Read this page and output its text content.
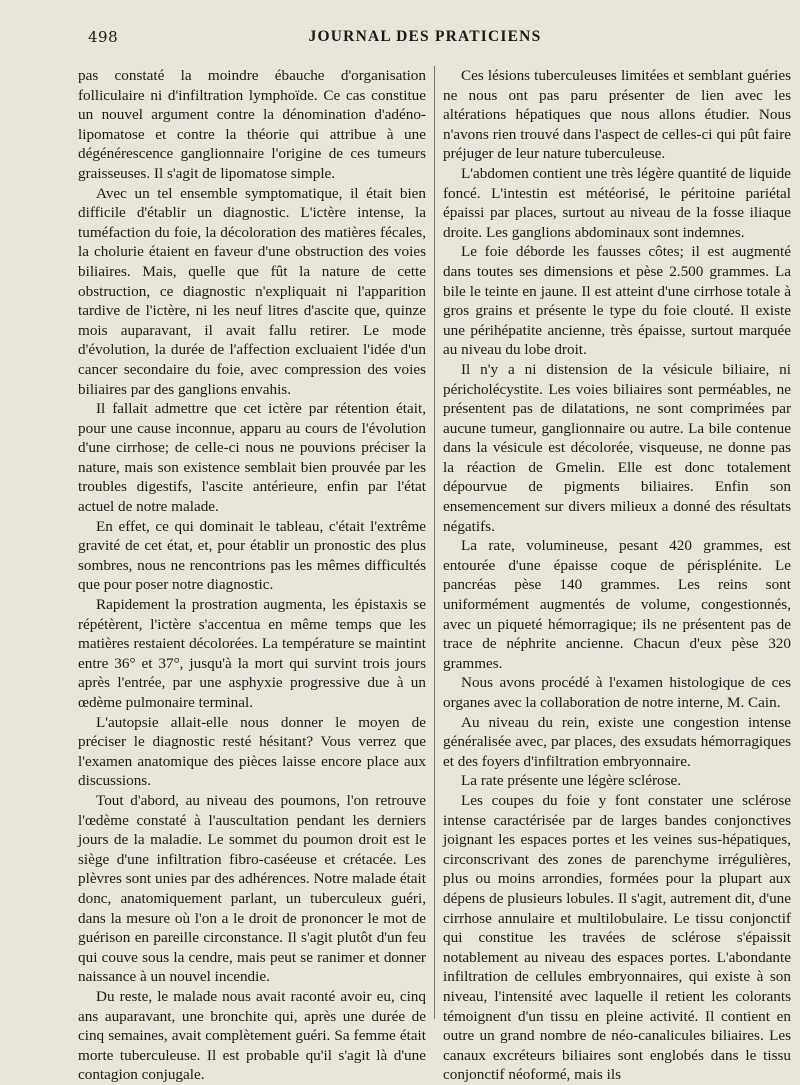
498	JOURNAL DES PRATICIENS

pas constaté la moindre ébauche d'organisation folliculaire ni d'infiltration lymphoïde. Ce cas constitue un nouvel argument contre la dénomination d'adéno-lipomatose et contre la théorie qui attribue à une dégénérescence ganglionnaire l'origine de ces tumeurs graisseuses. Il s'agit de lipomatose simple.

Avec un tel ensemble symptomatique, il était bien difficile d'établir un diagnostic. L'ictère intense, la tuméfaction du foie, la décoloration des matières fécales, la cholurie étaient en faveur d'une obstruction des voies biliaires. Mais, quelle que fût la nature de cette obstruction, ce diagnostic n'expliquait ni l'apparition tardive de l'ictère, ni les neuf litres d'ascite que, quinze mois auparavant, il avait fallu retirer. Le mode d'évolution, la durée de l'affection excluaient l'idée d'un cancer secondaire du foie, avec compression des voies biliaires par des ganglions envahis.

Il fallait admettre que cet ictère par rétention était, pour une cause inconnue, apparu au cours de l'évolution d'une cirrhose; de celle-ci nous ne pouvions préciser la nature, mais son existence semblait bien prouvée par les troubles digestifs, l'ascite antérieure, enfin par l'état actuel de notre malade.

En effet, ce qui dominait le tableau, c'était l'extrême gravité de cet état, et, pour établir un pronostic des plus sombres, nous ne rencontrions pas les mêmes difficultés que pour poser notre diagnostic.

Rapidement la prostration augmenta, les épistaxis se répétèrent, l'ictère s'accentua en même temps que les matières restaient décolorées. La température se maintint entre 36° et 37°, jusqu'à la mort qui survint trois jours après l'entrée, par une asphyxie progressive due à un œdème pulmonaire terminal.

L'autopsie allait-elle nous donner le moyen de préciser le diagnostic resté hésitant? Vous verrez que l'examen anatomique des pièces laisse encore place aux discussions.

Tout d'abord, au niveau des poumons, l'on retrouve l'œdème constaté à l'auscultation pendant les derniers jours de la maladie. Le sommet du poumon droit est le siège d'une infiltration fibro-caséeuse et crétacée. Les plèvres sont unies par des adhérences. Notre malade était donc, anatomiquement parlant, un tuberculeux guéri, dans la mesure où l'on a le droit de prononcer le mot de guérison en pareille circonstance. Il s'agit plutôt d'un feu qui couve sous la cendre, mais peut se ranimer et donner naissance à un nouvel incendie.

Du reste, le malade nous avait raconté avoir eu, cinq ans auparavant, une bronchite qui, après une durée de cinq semaines, avait complètement guéri. Sa femme était morte tuberculeuse. Il est probable qu'il s'agit là d'une contagion conjugale.

Ces lésions tuberculeuses limitées et semblant guéries ne nous ont pas paru présenter de lien avec les altérations hépatiques que nous allons étudier. Nous n'avons rien trouvé dans l'aspect de celles-ci qui pût faire préjuger de leur nature tuberculeuse.

L'abdomen contient une très légère quantité de liquide foncé. L'intestin est météorisé, le péritoine pariétal épaissi par places, surtout au niveau de la fosse iliaque droite. Les ganglions abdominaux sont indemnes.

Le foie déborde les fausses côtes; il est augmenté dans toutes ses dimensions et pèse 2.500 grammes. La bile le teinte en jaune. Il est atteint d'une cirrhose totale à gros grains et présente le type du foie clouté. Il existe une périhépatite ancienne, très épaisse, surtout marquée au niveau du lobe droit.

Il n'y a ni distension de la vésicule biliaire, ni péricholécystite. Les voies biliaires sont perméables, ne présentent pas de dilatations, ne sont comprimées par aucune tumeur, ganglionnaire ou autre. La bile contenue dans la vésicule est décolorée, visqueuse, ne donne pas la réaction de Gmelin. Elle est donc totalement dépourvue de pigments biliaires. Enfin son ensemencement sur divers milieux a donné des résultats négatifs.

La rate, volumineuse, pesant 420 grammes, est entourée d'une épaisse coque de périsplénite. Le pancréas pèse 140 grammes. Les reins sont uniformément augmentés de volume, congestionnés, avec un piqueté hémorragique; ils ne présentent pas de trace de néphrite ancienne. Chacun d'eux pèse 320 grammes.

Nous avons procédé à l'examen histologique de ces organes avec la collaboration de notre interne, M. Cain.

Au niveau du rein, existe une congestion intense généralisée avec, par places, des exsudats hémorragiques et des foyers d'infiltration embryonnaire.

La rate présente une légère sclérose.

Les coupes du foie y font constater une sclérose intense caractérisée par de larges bandes conjonctives joignant les espaces portes et les veines sus-hépatiques, circonscrivant des zones de parenchyme irrégulières, plus ou moins arrondies, formées pour la plupart aux dépens de plusieurs lobules. Il s'agit, autrement dit, d'une cirrhose annulaire et multilobulaire. Le tissu conjonctif qui constitue les travées de sclérose s'épaissit notablement au niveau des espaces portes. L'abondante infiltration de cellules embryonnaires, qui existe à son niveau, l'intensité avec laquelle il retient les colorants témoignent d'un tissu en pleine activité. Il contient en outre un grand nombre de néo-canalicules biliaires. Les canaux excréteurs biliaires sont englobés dans le tissu conjonctif néoformé, mais ils
